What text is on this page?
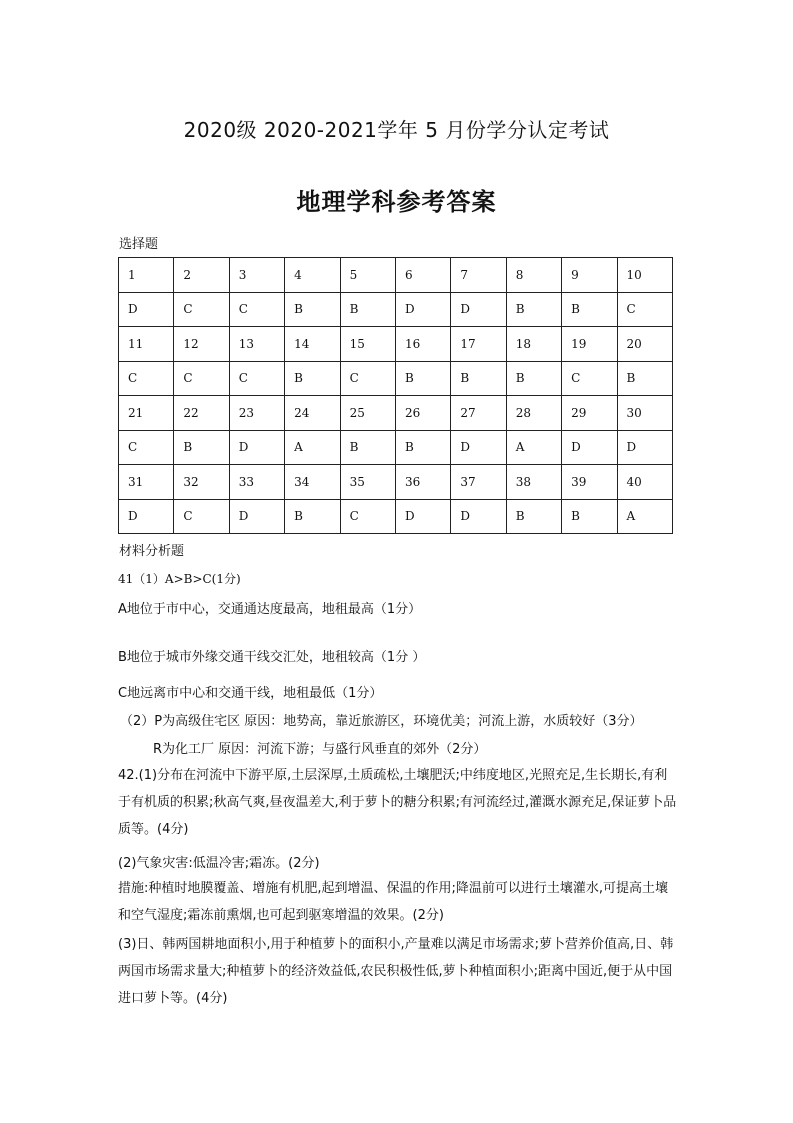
2020级 2020-2021学年 5 月份学分认定考试
地理学科参考答案
选择题
1	2	3	4	5	6	7	8	9	10
D	C	C	B	B	D	D	B	B	C
11	12	13	14	15	16	17	18	19	20
C	C	C	B	C	B	B	B	C	B
21	22	23	24	25	26	27	28	29	30
C	B	D	A	B	B	D	A	D	D
31	32	33	34	35	36	37	38	39	40
D	C	D	B	C	D	D	B	B	A
材料分析题
41（1）A>B>C(1分)
A地位于市中心，交通通达度最高，地租最高（1分）
B地位于城市外缘交通干线交汇处，地租较高（1分 ）
C地远离市中心和交通干线，地租最低（1分）
（2）P为高级住宅区 原因：地势高，靠近旅游区，环境优美；河流上游，水质较好（3分）
R为化工厂 原因：河流下游；与盛行风垂直的郊外（2分）
42.(1)分布在河流中下游平原,土层深厚,土质疏松,土壤肥沃;中纬度地区,光照充足,生长期长,有利于有机质的积累;秋高气爽,昼夜温差大,利于萝卜的糖分积累;有河流经过,灌溉水源充足,保证萝卜品质等。(4分)
(2)气象灾害:低温冷害;霜冻。(2分)
措施:种植时地膜覆盖、增施有机肥,起到增温、保温的作用;降温前可以进行土壤灌水,可提高土壤和空气湿度;霜冻前熏烟,也可起到驱寒增温的效果。(2分)
(3)日、韩两国耕地面积小,用于种植萝卜的面积小,产量难以满足市场需求;萝卜营养价值高,日、韩两国市场需求量大;种植萝卜的经济效益低,农民积极性低,萝卜种植面积小;距离中国近,便于从中国进口萝卜等。(4分)
